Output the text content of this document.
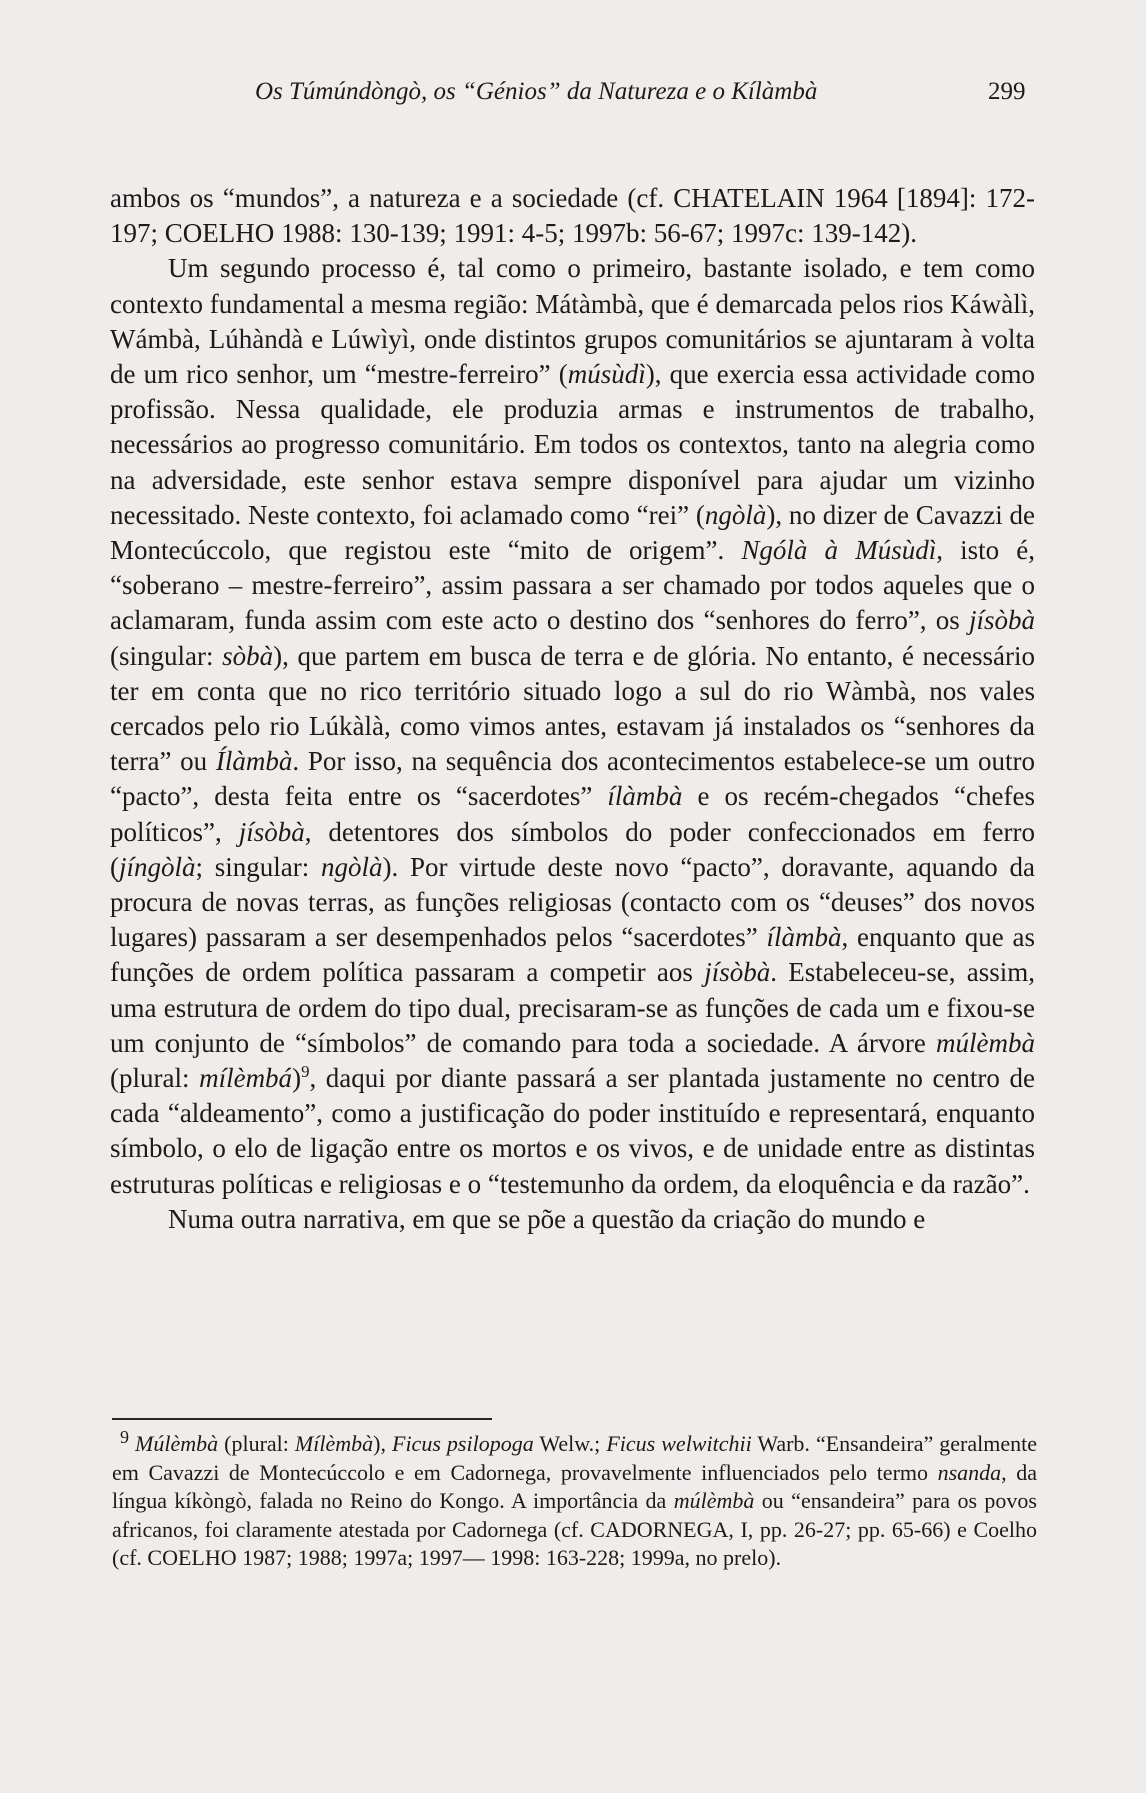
Os Túmúndòngò, os “Génios” da Natureza e o Kílàmbà	299

ambos os “mundos”, a natureza e a sociedade (cf. CHATELAIN 1964 [1894]: 172-197; COELHO 1988: 130-139; 1991: 4-5; 1997b: 56-67; 1997c: 139-142).

Um segundo processo é, tal como o primeiro, bastante isolado, e tem como contexto fundamental a mesma região: Mátàmbà, que é demarcada pelos rios Káwàlì, Wámbà, Lúhàndà e Lúwìyì, onde distintos grupos comunitários se ajuntaram à volta de um rico senhor, um “mestre-ferreiro” (músùdì), que exercia essa actividade como profissão. Nessa qualidade, ele produzia armas e instrumentos de trabalho, necessários ao progresso comunitário. Em todos os contextos, tanto na alegria como na adversidade, este senhor estava sempre disponível para ajudar um vizinho necessitado. Neste contexto, foi aclamado como “rei” (ngòlà), no dizer de Cavazzi de Montecúccolo, que registou este “mito de origem”. Ngólà à Músùdì, isto é, “soberano – mestre-ferreiro”, assim passara a ser chamado por todos aqueles que o aclamaram, funda assim com este acto o destino dos “senhores do ferro”, os jísòbà (singular: sòbà), que partem em busca de terra e de glória. No entanto, é necessário ter em conta que no rico território situado logo a sul do rio Wàmbà, nos vales cercados pelo rio Lúkàlà, como vimos antes, estavam já instalados os “senhores da terra” ou Ílàmbà. Por isso, na sequência dos acontecimentos estabelece-se um outro “pacto”, desta feita entre os “sacerdotes” ílàmbà e os recém-chegados “chefes políticos”, jísòbà, detentores dos símbolos do poder confeccionados em ferro (jíngòlà; singular: ngòlà). Por virtude deste novo “pacto”, doravante, aquando da procura de novas terras, as funções religiosas (contacto com os “deuses” dos novos lugares) passaram a ser desempenhados pelos “sacerdotes” ílàmbà, enquanto que as funções de ordem política passaram a competir aos jísòbà. Estabeleceu-se, assim, uma estrutura de ordem do tipo dual, precisaram-se as funções de cada um e fixou-se um conjunto de “símbolos” de comando para toda a sociedade. A árvore múlèmbà (plural: mílèmbá)$^9$, daqui por diante passará a ser plantada justamente no centro de cada “aldeamento”, como a justificação do poder instituído e representará, enquanto símbolo, o elo de ligação entre os mortos e os vivos, e de unidade entre as distintas estruturas políticas e religiosas e o “testemunho da ordem, da eloquência e da razão”.

Numa outra narrativa, em que se põe a questão da criação do mundo e

$^9$ Múlèmbà (plural: Mílèmbà), Ficus psilopoga Welw.; Ficus welwitchii Warb. “Ensandeira” geralmente em Cavazzi de Montecúccolo e em Cadornega, provavelmente influenciados pelo termo nsanda, da língua kíkòngò, falada no Reino do Kongo. A importância da múlèmbà ou “ensandeira” para os povos africanos, foi claramente atestada por Cadornega (cf. CADORNEGA, I, pp. 26-27; pp. 65-66) e Coelho (cf. COELHO 1987; 1988; 1997a; 1997— 1998: 163-228; 1999a, no prelo).
